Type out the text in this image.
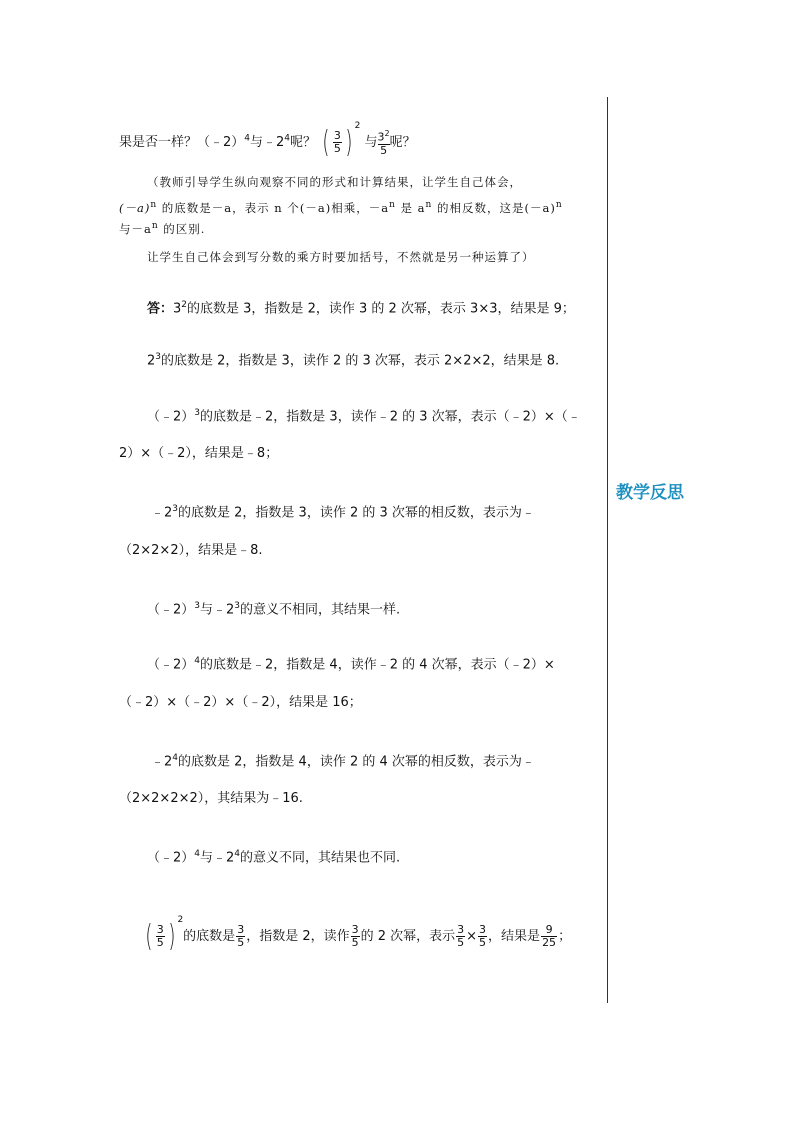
果是否一样？（﹣2）$^4$与$﹣2^4$呢？ ( $\frac{3}{5}$ ) $^2$ 与 $\frac{3^2}{5}$ 呢？
（教师引导学生纵向观察不同的形式和计算结果，让学生自己体会，
$(-a)^n$ 的底数是－a，表示 n 个(－a)相乘，$-a^n$ 是 $a^n$ 的相反数，这是$(-a)^n$
与$-a^n$ 的区别.
让学生自己体会到写分数的乘方时要加括号，不然就是另一种运算了）
答：$3^2$的底数是 3，指数是 2，读作 3 的 2 次幂，表示 3×3，结果是 9；
$2^3$的底数是 2，指数是 3，读作 2 的 3 次幂，表示 2×2×2，结果是 8.
（﹣2）$^3$的底数是﹣2，指数是 3，读作﹣2 的 3 次幂，表示（﹣2）×（﹣
2）×（﹣2），结果是﹣8；
$﹣2^3$的底数是 2，指数是 3，读作 2 的 3 次幂的相反数，表示为﹣
（2×2×2），结果是﹣8.
（﹣2）$^3$与$﹣2^3$的意义不相同，其结果一样.
（﹣2）$^4$的底数是﹣2，指数是 4，读作﹣2 的 4 次幂，表示（﹣2）×
（﹣2）×（﹣2）×（﹣2），结果是 16；
$﹣2^4$的底数是 2，指数是 4，读作 2 的 4 次幂的相反数，表示为﹣
（2×2×2×2），其结果为﹣16.
（﹣2）$^4$与$﹣2^4$的意义不同，其结果也不同.
( $\frac{3}{5}$ ) $^2$的底数是 $\frac{3}{5}$ ，指数是 2，读作 $\frac{3}{5}$ 的 2 次幂，表示 $\frac{3}{5} \times \frac{3}{5}$ ，结果是 $\frac{9}{25}$ ；
教学反思
